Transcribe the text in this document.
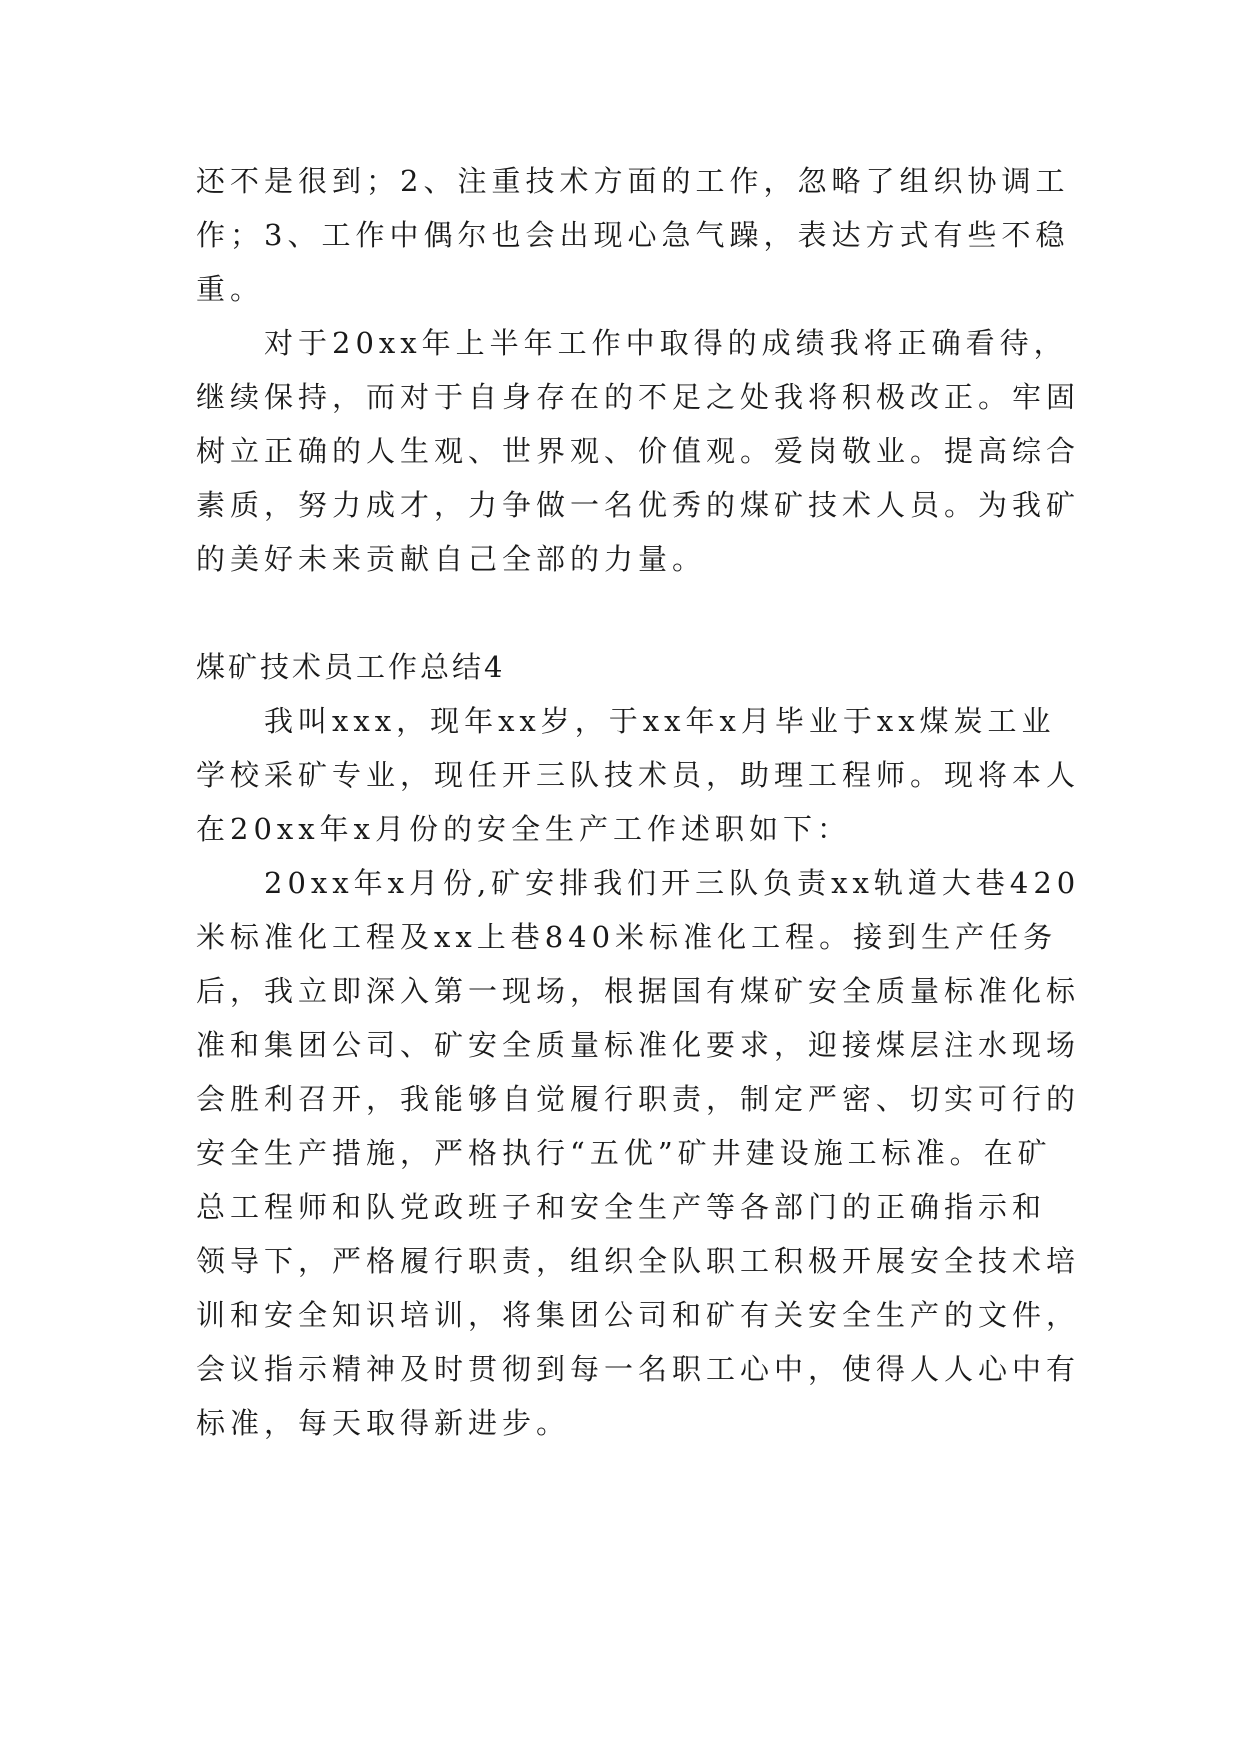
还不是很到；2、注重技术方面的工作，忽略了组织协调工
作；3、工作中偶尔也会出现心急气躁，表达方式有些不稳
重。
对于20xx年上半年工作中取得的成绩我将正确看待，
继续保持，而对于自身存在的不足之处我将积极改正。牢固
树立正确的人生观、世界观、价值观。爱岗敬业。提高综合
素质，努力成才，力争做一名优秀的煤矿技术人员。为我矿
的美好未来贡献自己全部的力量。
煤矿技术员工作总结4
我叫xxx，现年xx岁，于xx年x月毕业于xx煤炭工业
学校采矿专业，现任开三队技术员，助理工程师。现将本人
在20xx年x月份的安全生产工作述职如下：
20xx年x月份,矿安排我们开三队负责xx轨道大巷420
米标准化工程及xx上巷840米标准化工程。接到生产任务
后，我立即深入第一现场，根据国有煤矿安全质量标准化标
准和集团公司、矿安全质量标准化要求，迎接煤层注水现场
会胜利召开，我能够自觉履行职责，制定严密、切实可行的
安全生产措施，严格执行“五优”矿井建设施工标准。在矿
总工程师和队党政班子和安全生产等各部门的正确指示和
领导下，严格履行职责，组织全队职工积极开展安全技术培
训和安全知识培训，将集团公司和矿有关安全生产的文件，
会议指示精神及时贯彻到每一名职工心中，使得人人心中有
标准，每天取得新进步。
